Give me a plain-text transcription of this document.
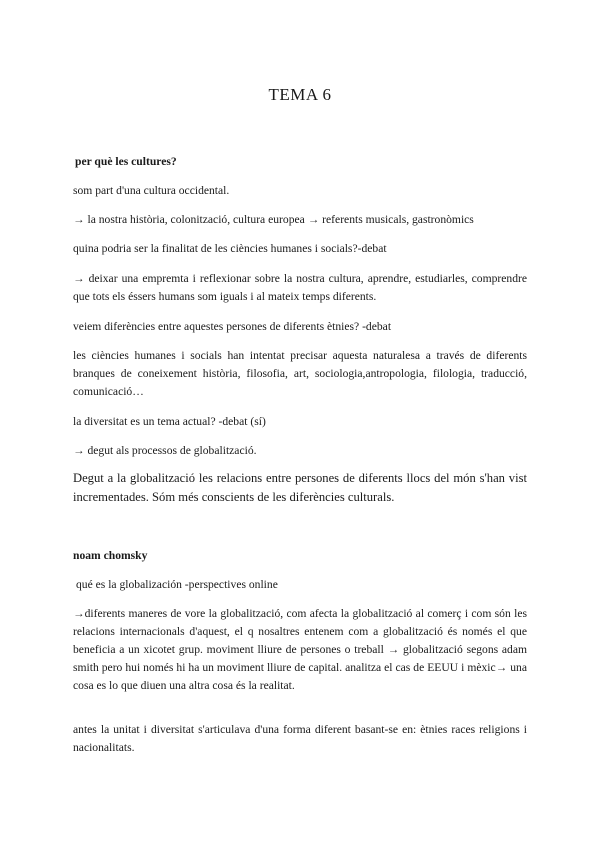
TEMA 6

per què les cultures?

som part d'una cultura occidental.

→ la nostra història, colonització, cultura europea → referents musicals, gastronòmics

quina podria ser la finalitat de les ciències humanes i socials?-debat

→ deixar una empremta i reflexionar sobre la nostra cultura, aprendre, estudiarles, comprendre que tots els éssers humans som iguals i al mateix temps diferents.

veiem diferències entre aquestes persones de diferents ètnies? -debat

les ciències humanes i socials han intentat precisar aquesta naturalesa a través de diferents branques de coneixement història, filosofia, art, sociologia,antropologia, filologia, traducció, comunicació…

la diversitat es un tema actual? -debat (sí)

→ degut als processos de globalització.

Degut a la globalització les relacions entre persones de diferents llocs del món s'han vist incrementades. Sóm més conscients de les diferències culturals.

noam chomsky

qué es la globalización -perspectives online

→diferents maneres de vore la globalització, com afecta la globalització al comerç i com són les relacions internacionals d'aquest, el q nosaltres entenem com a globalització és només el que beneficia a un xicotet grup. moviment lliure de persones o treball → globalització segons adam smith pero hui només hi ha un moviment lliure de capital. analitza el cas de EEUU i mèxic→ una cosa es lo que diuen una altra cosa és la realitat.

antes la unitat i diversitat s'articulava d'una forma diferent basant-se en: ètnies races religions i nacionalitats.
